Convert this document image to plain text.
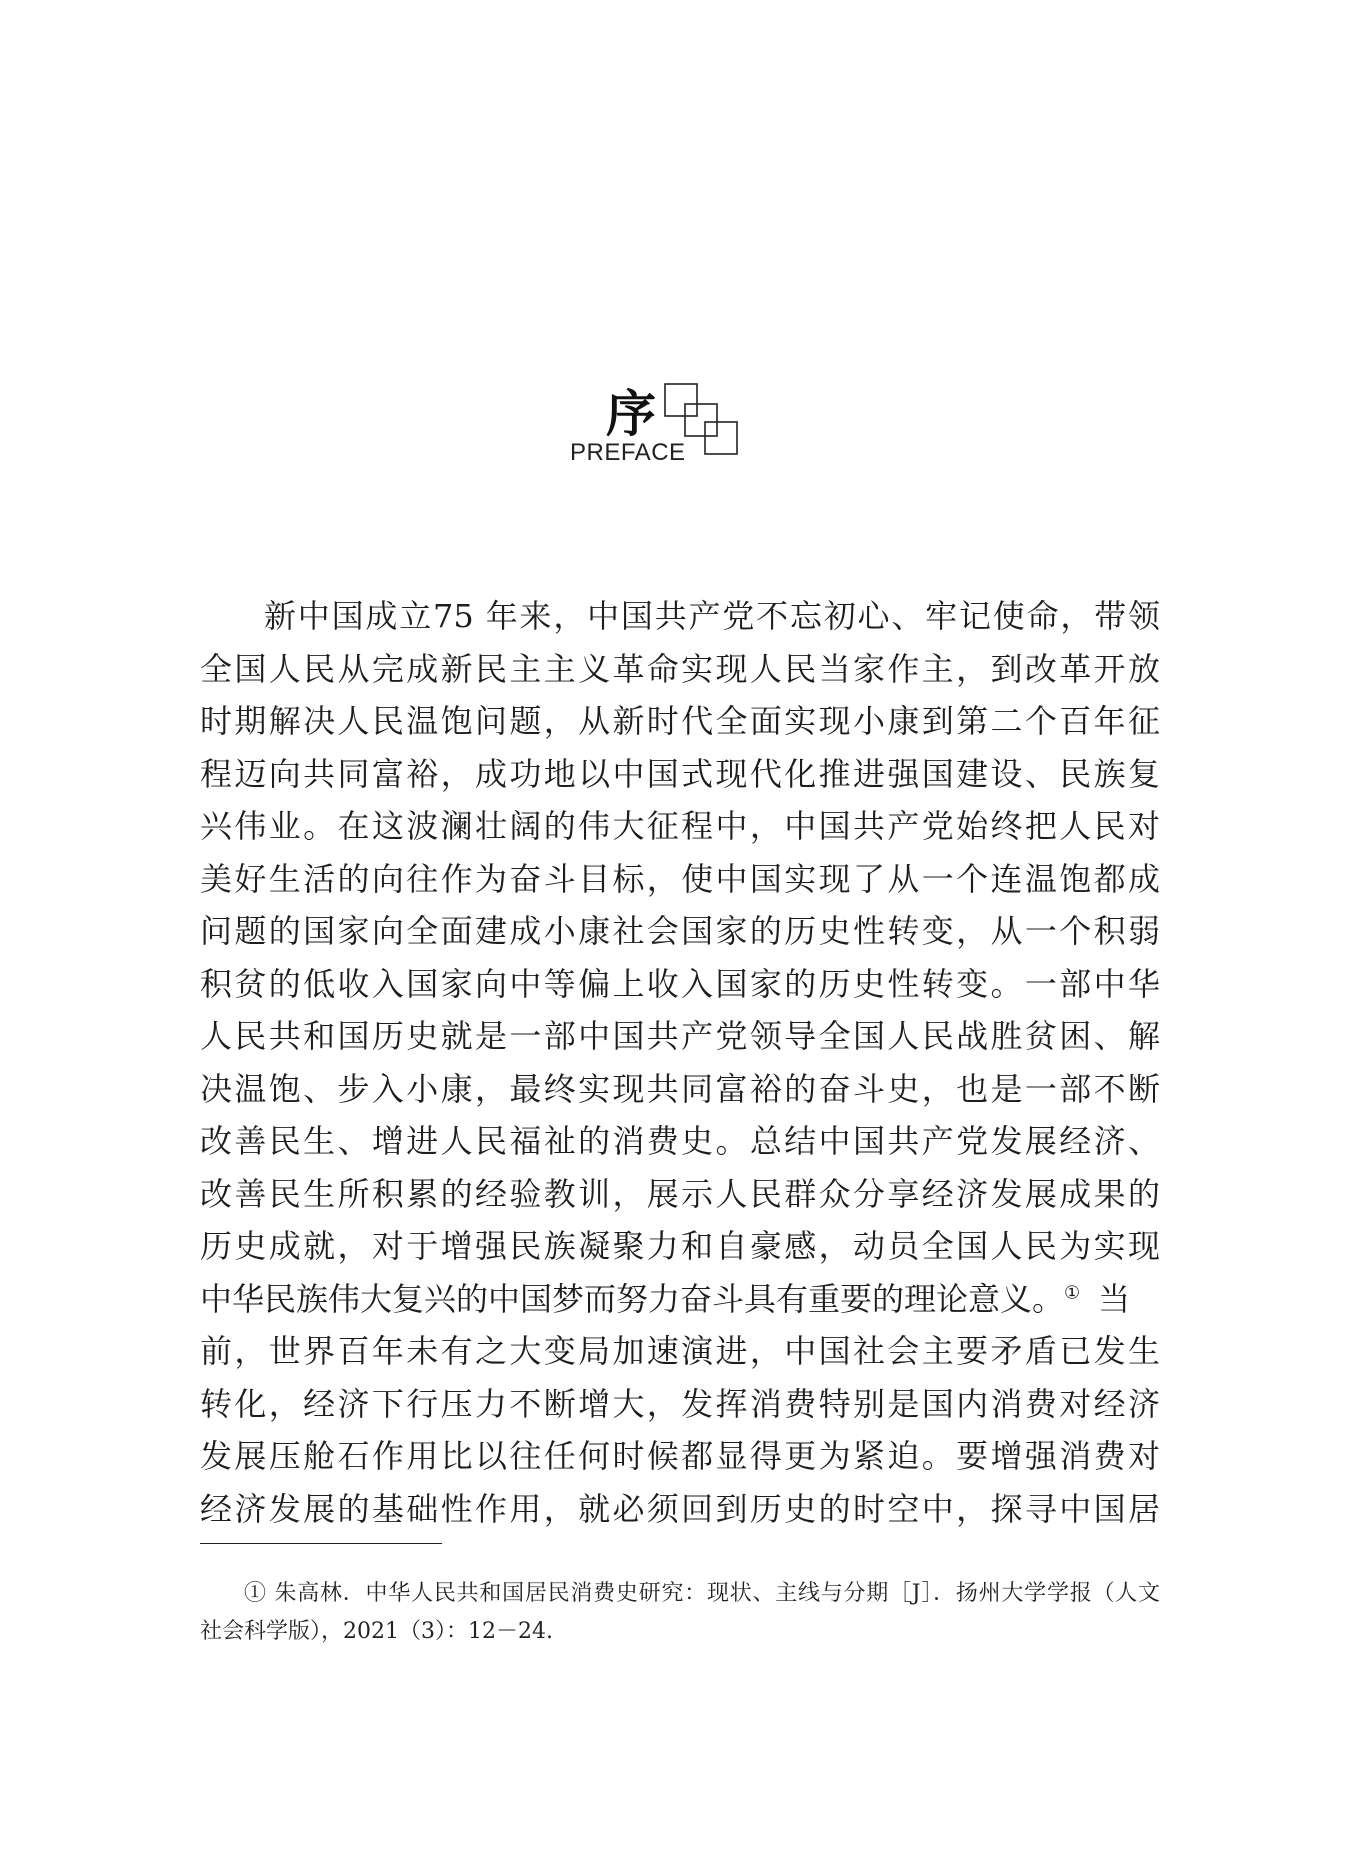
序
PREFACE
新中国成立75 年来，中国共产党不忘初心、牢记使命，带领
全国人民从完成新民主主义革命实现人民当家作主，到改革开放
时期解决人民温饱问题，从新时代全面实现小康到第二个百年征
程迈向共同富裕，成功地以中国式现代化推进强国建设、民族复
兴伟业。在这波澜壮阔的伟大征程中，中国共产党始终把人民对
美好生活的向往作为奋斗目标，使中国实现了从一个连温饱都成
问题的国家向全面建成小康社会国家的历史性转变，从一个积弱
积贫的低收入国家向中等偏上收入国家的历史性转变。一部中华
人民共和国历史就是一部中国共产党领导全国人民战胜贫困、解
决温饱、步入小康，最终实现共同富裕的奋斗史，也是一部不断
改善民生、增进人民福祉的消费史。总结中国共产党发展经济、
改善民生所积累的经验教训，展示人民群众分享经济发展成果的
历史成就，对于增强民族凝聚力和自豪感，动员全国人民为实现
中华民族伟大复兴的中国梦而努力奋斗具有重要的理论意义。① 当
前，世界百年未有之大变局加速演进，中国社会主要矛盾已发生
转化，经济下行压力不断增大，发挥消费特别是国内消费对经济
发展压舱石作用比以往任何时候都显得更为紧迫。要增强消费对
经济发展的基础性作用，就必须回到历史的时空中，探寻中国居
① 朱高林．中华人民共和国居民消费史研究：现状、主线与分期［J］．扬州大学学报（人文
社会科学版），2021（3）：12－24.
